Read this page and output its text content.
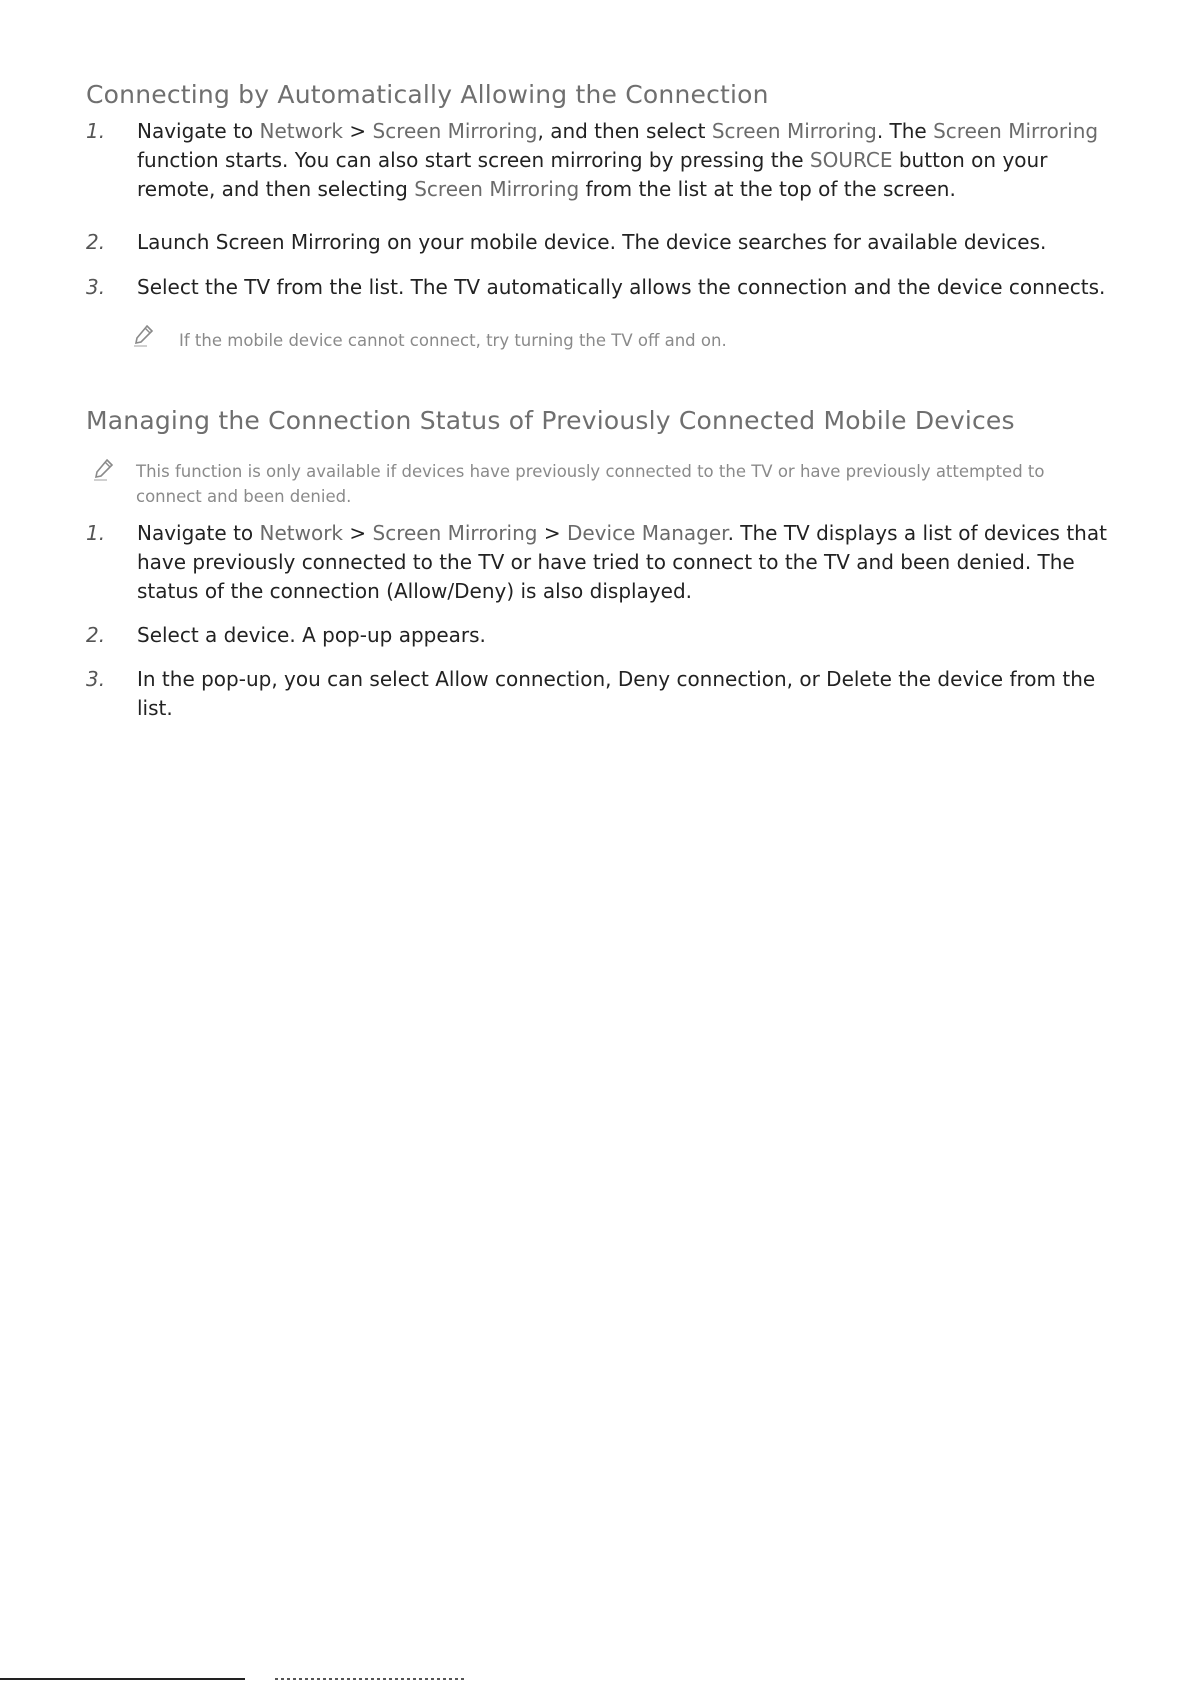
Connecting by Automatically Allowing the Connection
1.	Navigate to Network > Screen Mirroring, and then select Screen Mirroring. The Screen Mirroring function starts. You can also start screen mirroring by pressing the SOURCE button on your remote, and then selecting Screen Mirroring from the list at the top of the screen.
2.	Launch Screen Mirroring on your mobile device. The device searches for available devices.
3.	Select the TV from the list. The TV automatically allows the connection and the device connects.
If the mobile device cannot connect, try turning the TV off and on.
Managing the Connection Status of Previously Connected Mobile Devices
This function is only available if devices have previously connected to the TV or have previously attempted to connect and been denied.
1.	Navigate to Network > Screen Mirroring > Device Manager. The TV displays a list of devices that have previously connected to the TV or have tried to connect to the TV and been denied. The status of the connection (Allow/Deny) is also displayed.
2.	Select a device. A pop-up appears.
3.	In the pop-up, you can select Allow connection, Deny connection, or Delete the device from the list.
